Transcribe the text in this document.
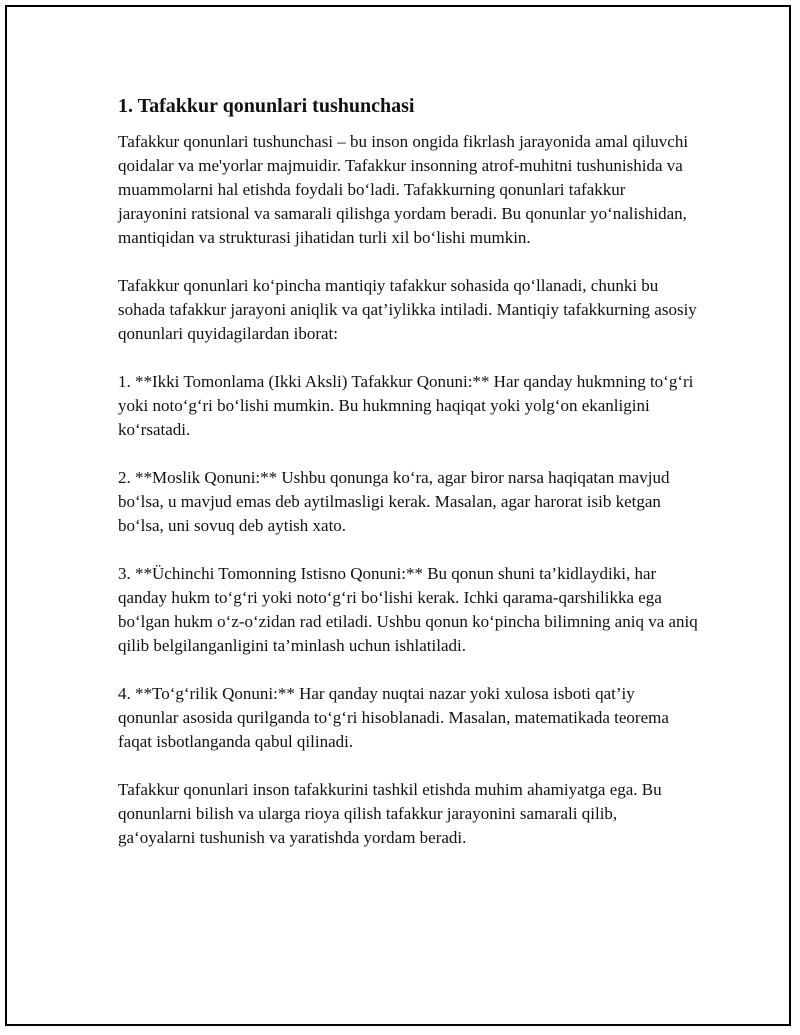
1. Tafakkur qonunlari tushunchasi

Tafakkur qonunlari tushunchasi – bu inson ongida fikrlash jarayonida amal qiluvchi qoidalar va me'yorlar majmuidir. Tafakkur insonning atrof-muhitni tushunishida va muammolarni hal etishda foydali bo‘ladi. Tafakkurning qonunlari tafakkur jarayonini ratsional va samarali qilishga yordam beradi. Bu qonunlar yo‘nalishidan, mantiqidan va strukturasi jihatidan turli xil bo‘lishi mumkin.

Tafakkur qonunlari ko‘pincha mantiqiy tafakkur sohasida qo‘llanadi, chunki bu sohada tafakkur jarayoni aniqlik va qat’iylikka intiladi. Mantiqiy tafakkurning asosiy qonunlari quyidagilardan iborat:

1. **Ikki Tomonlama (Ikki Aksli) Tafakkur Qonuni:** Har qanday hukmning to‘g‘ri yoki noto‘g‘ri bo‘lishi mumkin. Bu hukmning haqiqat yoki yolg‘on ekanligini ko‘rsatadi.

2. **Moslik Qonuni:** Ushbu qonunga ko‘ra, agar biror narsa haqiqatan mavjud bo‘lsa, u mavjud emas deb aytilmasligi kerak. Masalan, agar harorat isib ketgan bo‘lsa, uni sovuq deb aytish xato.

3. **Üchinchi Tomonning Istisno Qonuni:** Bu qonun shuni ta’kidlaydiki, har qanday hukm to‘g‘ri yoki noto‘g‘ri bo‘lishi kerak. Ichki qarama-qarshilikka ega bo‘lgan hukm o‘z-o‘zidan rad etiladi. Ushbu qonun ko‘pincha bilimning aniq va aniq qilib belgilanganligini ta’minlash uchun ishlatiladi.

4. **To‘g‘rilik Qonuni:** Har qanday nuqtai nazar yoki xulosa isboti qat’iy qonunlar asosida qurilganda to‘g‘ri hisoblanadi. Masalan, matematikada teorema faqat isbotlanganda qabul qilinadi.

Tafakkur qonunlari inson tafakkurini tashkil etishda muhim ahamiyatga ega. Bu qonunlarni bilish va ularga rioya qilish tafakkur jarayonini samarali qilib, ga‘oyalarni tushunish va yaratishda yordam beradi.
